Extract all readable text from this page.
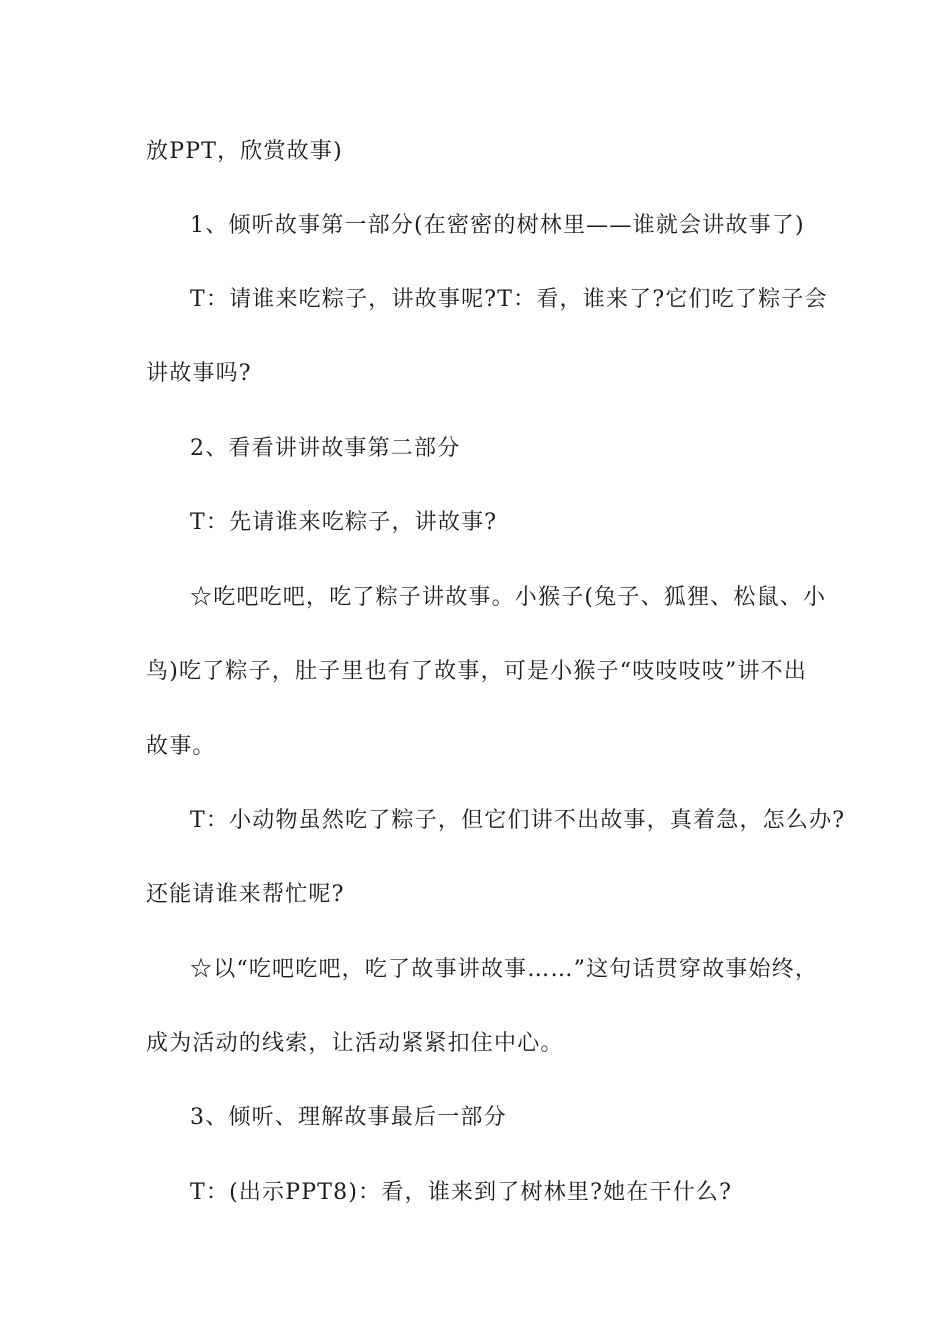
放PPT，欣赏故事)
1、倾听故事第一部分(在密密的树林里——谁就会讲故事了)
T：请谁来吃粽子，讲故事呢?T：看，谁来了?它们吃了粽子会
讲故事吗?
2、看看讲讲故事第二部分
T：先请谁来吃粽子，讲故事?
☆吃吧吃吧，吃了粽子讲故事。小猴子(兔子、狐狸、松鼠、小
鸟)吃了粽子，肚子里也有了故事，可是小猴子“吱吱吱吱”讲不出
故事。
T：小动物虽然吃了粽子，但它们讲不出故事，真着急，怎么办?
还能请谁来帮忙呢?
☆以“吃吧吃吧，吃了故事讲故事……”这句话贯穿故事始终，
成为活动的线索，让活动紧紧扣住中心。
3、倾听、理解故事最后一部分
T：(出示PPT8)：看，谁来到了树林里?她在干什么?
